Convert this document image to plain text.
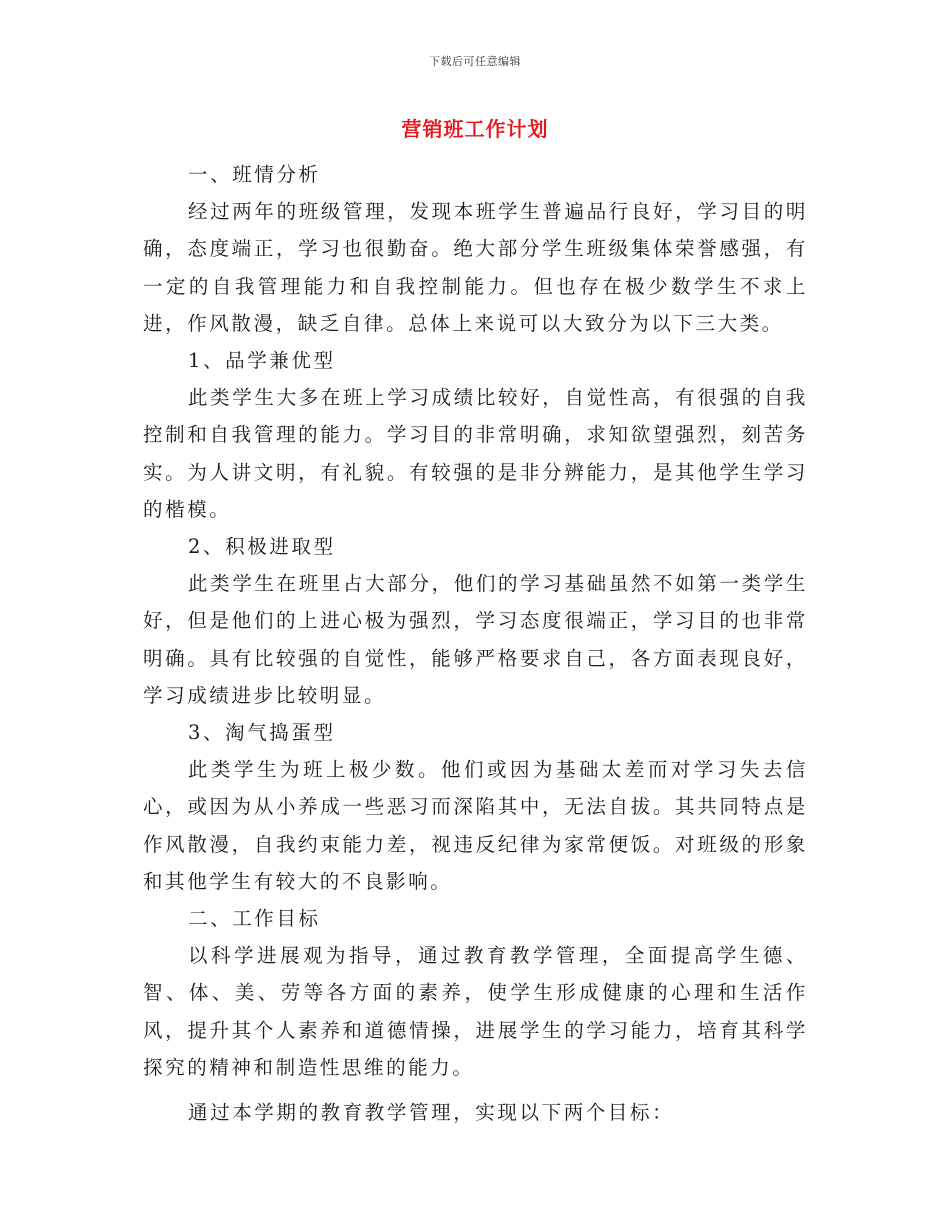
下载后可任意编辑
营销班工作计划

一、班情分析

经过两年的班级管理，发现本班学生普遍品行良好，学习目的明确，态度端正，学习也很勤奋。绝大部分学生班级集体荣誉感强，有一定的自我管理能力和自我控制能力。但也存在极少数学生不求上进，作风散漫，缺乏自律。总体上来说可以大致分为以下三大类。

1、品学兼优型

此类学生大多在班上学习成绩比较好，自觉性高，有很强的自我控制和自我管理的能力。学习目的非常明确，求知欲望强烈，刻苦务实。为人讲文明，有礼貌。有较强的是非分辨能力，是其他学生学习的楷模。

2、积极进取型

此类学生在班里占大部分，他们的学习基础虽然不如第一类学生好，但是他们的上进心极为强烈，学习态度很端正，学习目的也非常明确。具有比较强的自觉性，能够严格要求自己，各方面表现良好，学习成绩进步比较明显。

3、淘气捣蛋型

此类学生为班上极少数。他们或因为基础太差而对学习失去信心，或因为从小养成一些恶习而深陷其中，无法自拔。其共同特点是作风散漫，自我约束能力差，视违反纪律为家常便饭。对班级的形象和其他学生有较大的不良影响。

二、工作目标

以科学进展观为指导，通过教育教学管理，全面提高学生德、智、体、美、劳等各方面的素养，使学生形成健康的心理和生活作风，提升其个人素养和道德情操，进展学生的学习能力，培育其科学探究的精神和制造性思维的能力。

通过本学期的教育教学管理，实现以下两个目标：
